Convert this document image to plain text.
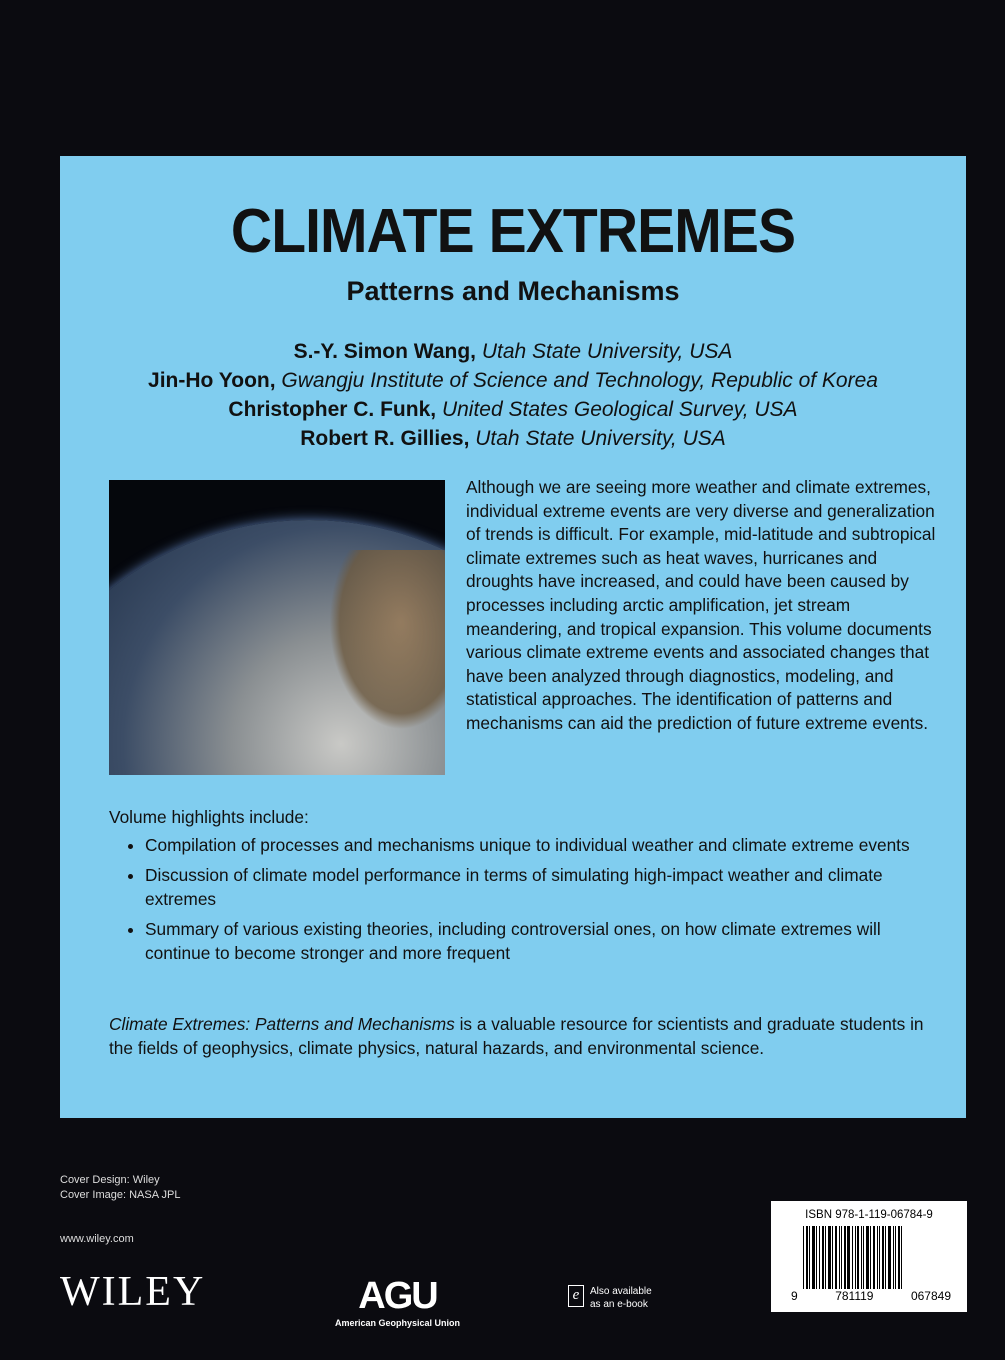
CLIMATE EXTREMES
Patterns and Mechanisms
S.-Y. Simon Wang, Utah State University, USA
Jin-Ho Yoon, Gwangju Institute of Science and Technology, Republic of Korea
Christopher C. Funk, United States Geological Survey, USA
Robert R. Gillies, Utah State University, USA
Although we are seeing more weather and climate extremes, individual extreme events are very diverse and generalization of trends is difficult. For example, mid-latitude and subtropical climate extremes such as heat waves, hurricanes and droughts have increased, and could have been caused by processes including arctic amplification, jet stream meandering, and tropical expansion. This volume documents various climate extreme events and associated changes that have been analyzed through diagnostics, modeling, and statistical approaches. The identification of patterns and mechanisms can aid the prediction of future extreme events.
Volume highlights include:
• Compilation of processes and mechanisms unique to individual weather and climate extreme events
• Discussion of climate model performance in terms of simulating high-impact weather and climate extremes
• Summary of various existing theories, including controversial ones, on how climate extremes will continue to become stronger and more frequent
Climate Extremes: Patterns and Mechanisms is a valuable resource for scientists and graduate students in the fields of geophysics, climate physics, natural hazards, and environmental science.
Cover Design: Wiley
Cover Image: NASA JPL
www.wiley.com
WILEY	AGU
American Geophysical Union
e	Also available
as an e-book
ISBN 978-1-119-06784-9
9	781119	067849
